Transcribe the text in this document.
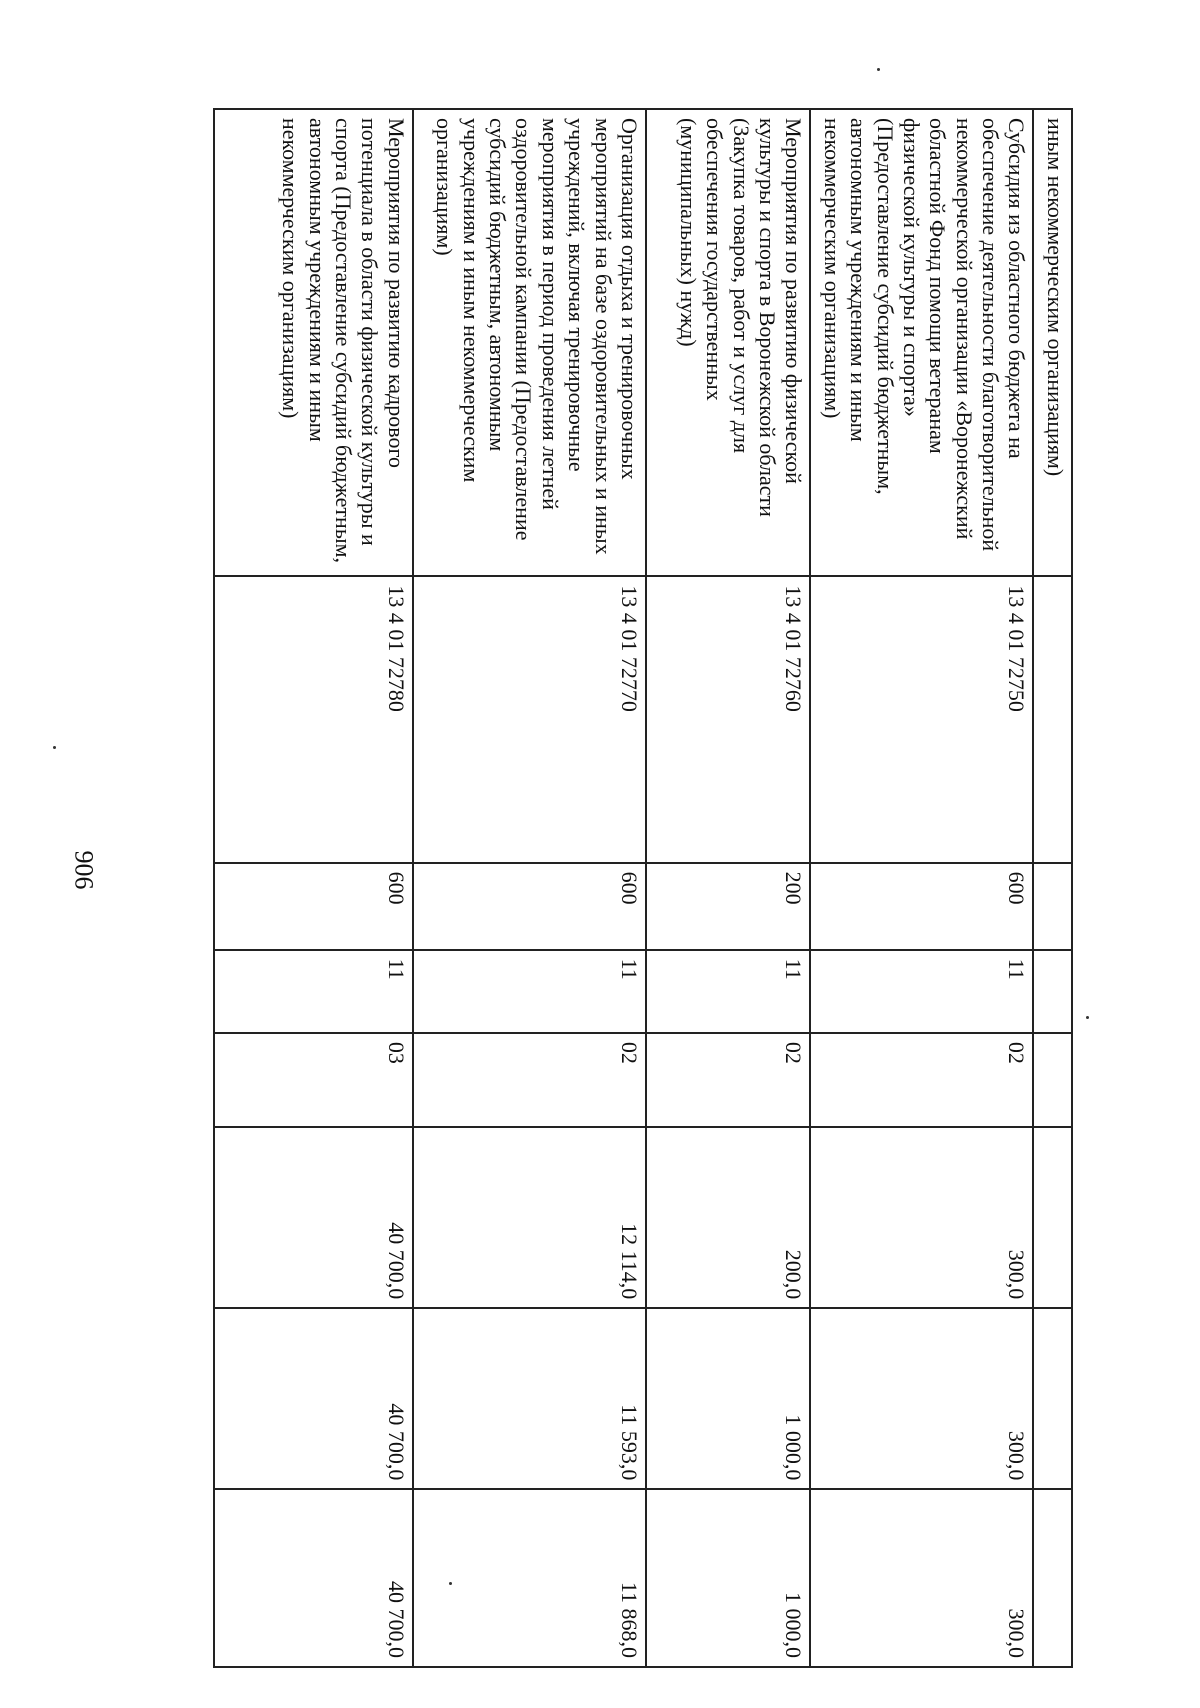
906
иным некоммерческим организациям)							
Субсидия из областного бюджета на обеспечение деятельности благотворительной некоммерческой организации «Воронежский областной Фонд помощи ветеранам физической культуры и спорта» (Предоставление субсидий бюджетным, автономным учреждениям и иным некоммерческим организациям)	13 4 01 72750	600	11	02	300,0	300,0	300,0
Мероприятия по развитию физической культуры и спорта в Воронежской области (Закупка товаров, работ и услуг для обеспечения государственных (муниципальных) нужд)	13 4 01 72760	200	11	02	200,0	1 000,0	1 000,0
Организация отдыха и тренировочных мероприятий на базе оздоровительных и иных учреждений, включая тренировочные мероприятия в период проведения летней оздоровительной кампании (Предоставление субсидий бюджетным, автономным учреждениям и иным некоммерческим организациям)	13 4 01 72770	600	11	02	12 114,0	11 593,0	11 868,0
Мероприятия по развитию кадрового потенциала в области физической культуры и спорта (Предоставление субсидий бюджетным, автономным учреждениям и иным некоммерческим организациям)	13 4 01 72780	600	11	03	40 700,0	40 700,0	40 700,0
